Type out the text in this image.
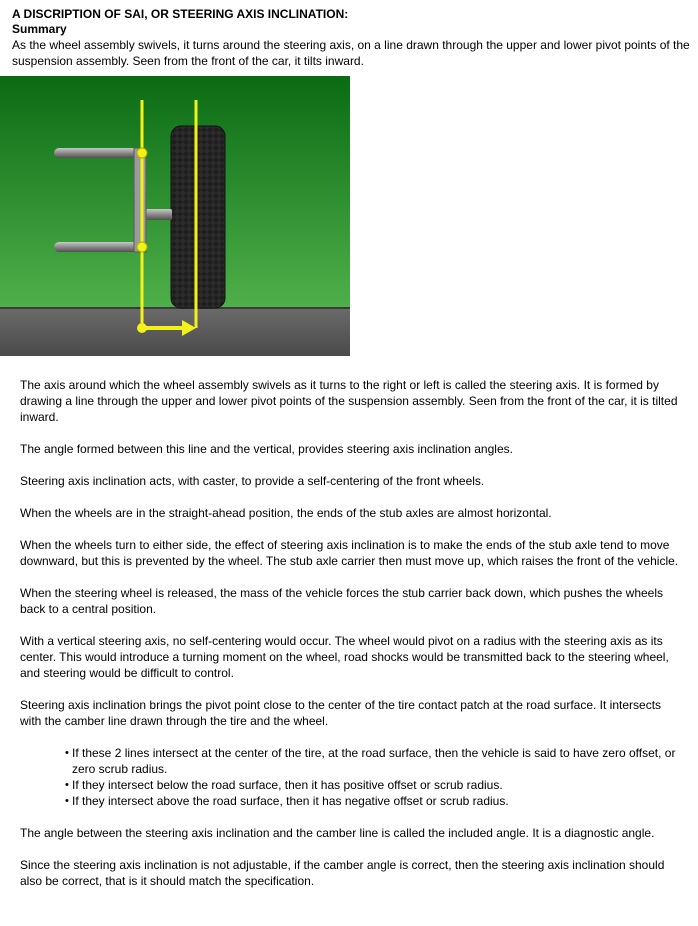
A DISCRIPTION OF SAI, OR STEERING AXIS INCLINATION:

Summary

As the wheel assembly swivels, it turns around the steering axis, on a line drawn through the upper and lower pivot points of the suspension assembly. Seen from the front of the car, it tilts inward.

The axis around which the wheel assembly swivels as it turns to the right or left is called the steering axis. It is formed by drawing a line through the upper and lower pivot points of the suspension assembly. Seen from the front of the car, it is tilted inward.

The angle formed between this line and the vertical, provides steering axis inclination angles.

Steering axis inclination acts, with caster, to provide a self-centering of the front wheels.

When the wheels are in the straight-ahead position, the ends of the stub axles are almost horizontal.

When the wheels turn to either side, the effect of steering axis inclination is to make the ends of the stub axle tend to move downward, but this is prevented by the wheel. The stub axle carrier then must move up, which raises the front of the vehicle.

When the steering wheel is released, the mass of the vehicle forces the stub carrier back down, which pushes the wheels back to a central position.

With a vertical steering axis, no self-centering would occur. The wheel would pivot on a radius with the steering axis as its center. This would introduce a turning moment on the wheel, road shocks would be transmitted back to the steering wheel, and steering would be difficult to control.

Steering axis inclination brings the pivot point close to the center of the tire contact patch at the road surface. It intersects with the camber line drawn through the tire and the wheel.

• If these 2 lines intersect at the center of the tire, at the road surface, then the vehicle is said to have zero offset, or zero scrub radius.
• If they intersect below the road surface, then it has positive offset or scrub radius.
• If they intersect above the road surface, then it has negative offset or scrub radius.

The angle between the steering axis inclination and the camber line is called the included angle. It is a diagnostic angle.

Since the steering axis inclination is not adjustable, if the camber angle is correct, then the steering axis inclination should also be correct, that is it should match the specification.
